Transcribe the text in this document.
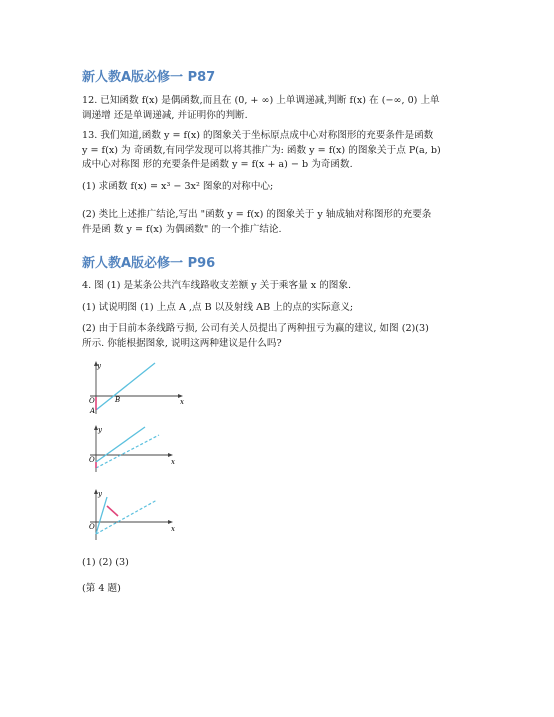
新人教A版必修一 P87

12. 已知函数 f(x) 是偶函数,而且在 (0, + ∞) 上单调递减,判断 f(x) 在 (−∞, 0) 上单
调递增 还是单调递减, 并证明你的判断.

13. 我们知道,函数 y = f(x) 的图象关于坐标原点成中心对称图形的充要条件是函数
y = f(x) 为 奇函数,有同学发现可以将其推广为: 函数 y = f(x) 的图象关于点 P(a, b)
成中心对称图 形的充要条件是函数 y = f(x + a) − b 为奇函数.

(1) 求函数 f(x) = x³ − 3x² 图象的对称中心;

(2) 类比上述推广结论,写出 "函数 y = f(x) 的图象关于 y 轴成轴对称图形的充要条
件是函 数 y = f(x) 为偶函数" 的一个推广结论.

新人教A版必修一 P96

4. 图 (1) 是某条公共汽车线路收支差额 y 关于乘客量 x 的图象.

(1) 试说明图 (1) 上点 A ,点 B 以及射线 AB 上的点的实际意义;

(2) 由于目前本条线路亏损, 公司有关人员提出了两种扭亏为赢的建议, 如图 (2)(3)
所示. 你能根据图象, 说明这两种建议是什么吗?

y
x
O
A
B
y
x
O
y
x
O
(1) (2) (3)
(第 4 题)
